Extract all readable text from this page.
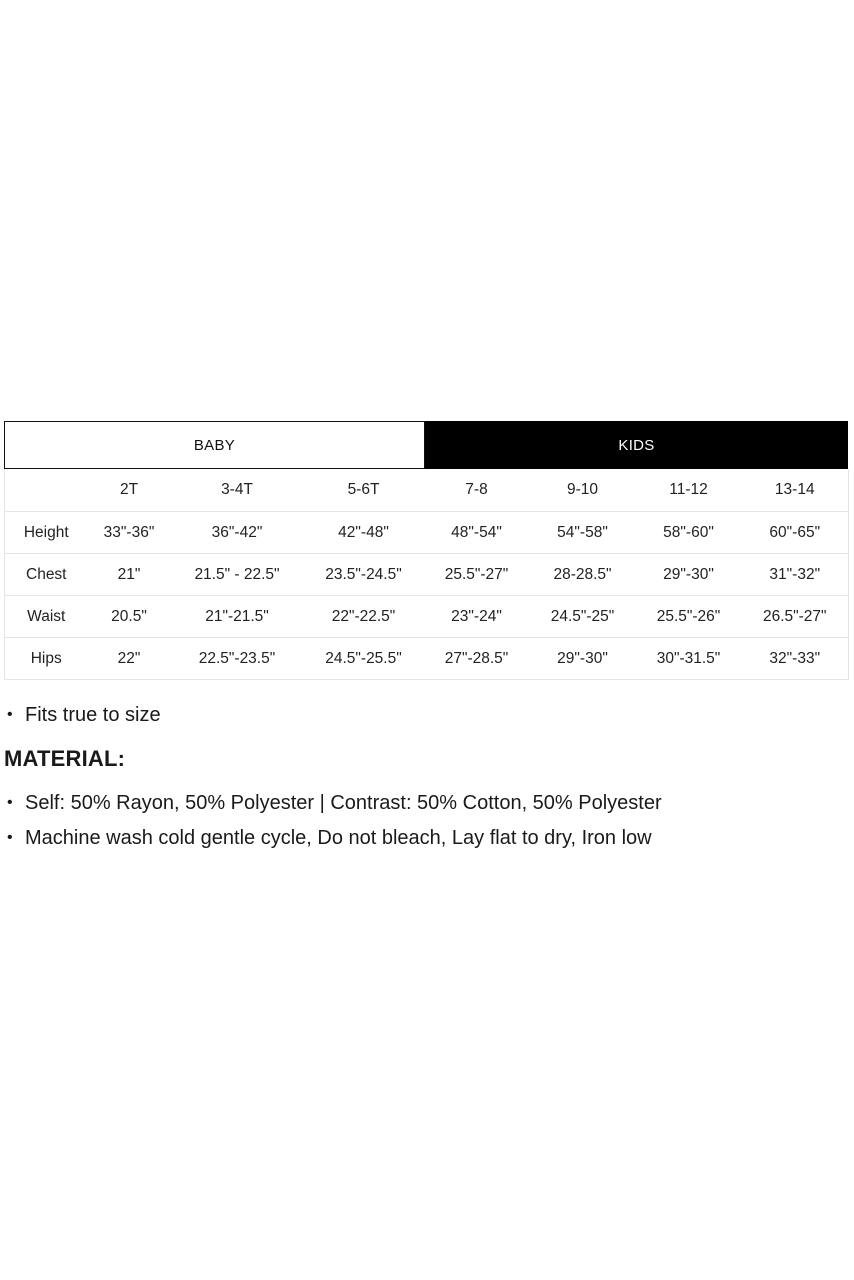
BABY	KIDS
	2T	3-4T	5-6T	7-8	9-10	11-12	13-14
Height	33"-36"	36"-42"	42"-48"	48"-54"	54"-58"	58"-60"	60"-65"
Chest	21"	21.5" - 22.5"	23.5"-24.5"	25.5"-27"	28-28.5"	29"-30"	31"-32"
Waist	20.5"	21"-21.5"	22"-22.5"	23"-24"	24.5"-25"	25.5"-26"	26.5"-27"
Hips	22"	22.5"-23.5"	24.5"-25.5"	27"-28.5"	29"-30"	30"-31.5"	32"-33"
• Fits true to size
MATERIAL:
• Self: 50% Rayon, 50% Polyester | Contrast: 50% Cotton, 50% Polyester
• Machine wash cold gentle cycle, Do not bleach, Lay flat to dry, Iron low
